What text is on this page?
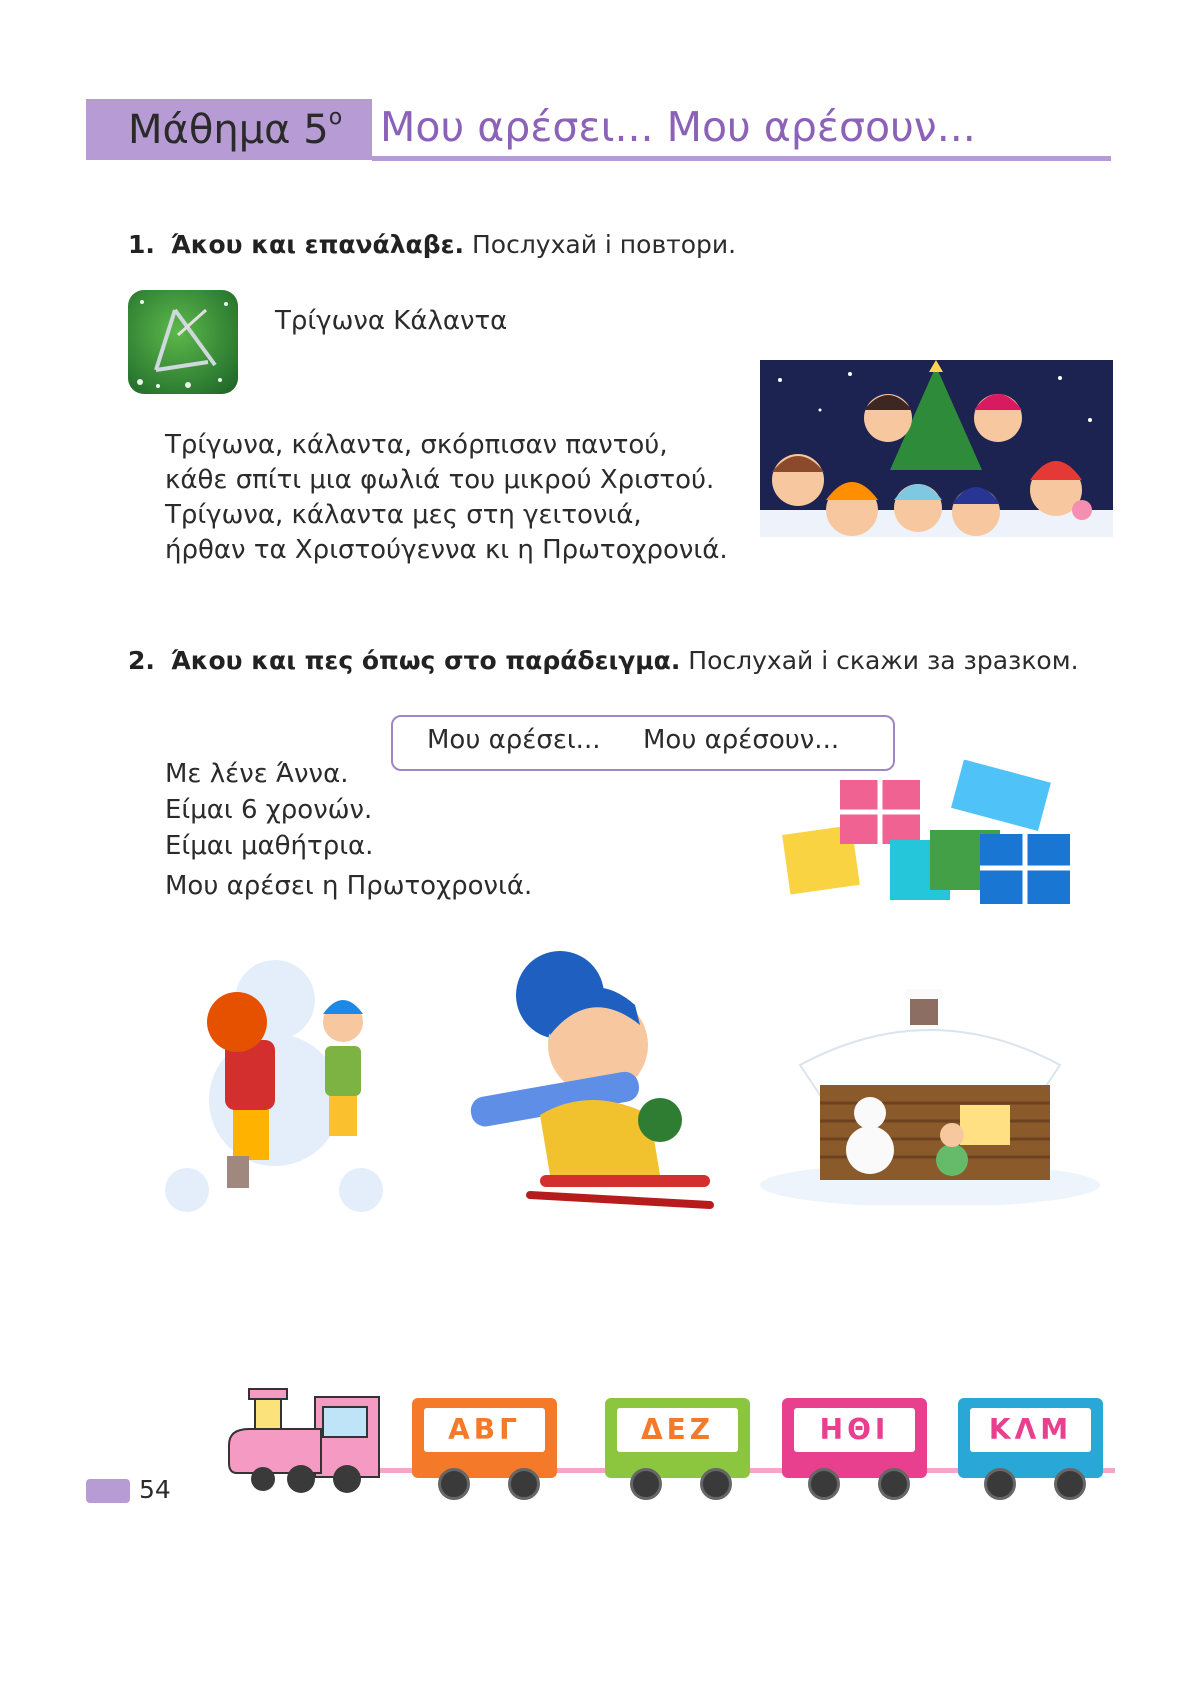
Μάθημα $5^o$ Μου αρέσει... Μου αρέσουν...
1. Άκου και επανάλαβε. Послухай і повтори.
Τρίγωνα Κάλαντα
Τρίγωνα, κάλαντα, σκόρπισαν παντού,
κάθε σπίτι μια φωλιά του μικρού Χριστού.
Τρίγωνα, κάλαντα μες στη γειτονιά,
ήρθαν τα Χριστούγεννα κι η Πρωτοχρονιά.
2. Άκου και πες όπως στο παράδειγμα. Послухай і скажи за зразком.
Μου αρέσει... Μου αρέσουν...
Με λένε Άννα.
Είμαι 6 χρονών.
Είμαι μαθήτρια.
Μου αρέσει η Πρωτοχρονιά.
ΑΒΓ	ΔΕΖ	ΗΘΙ	ΚΛΜ
54
